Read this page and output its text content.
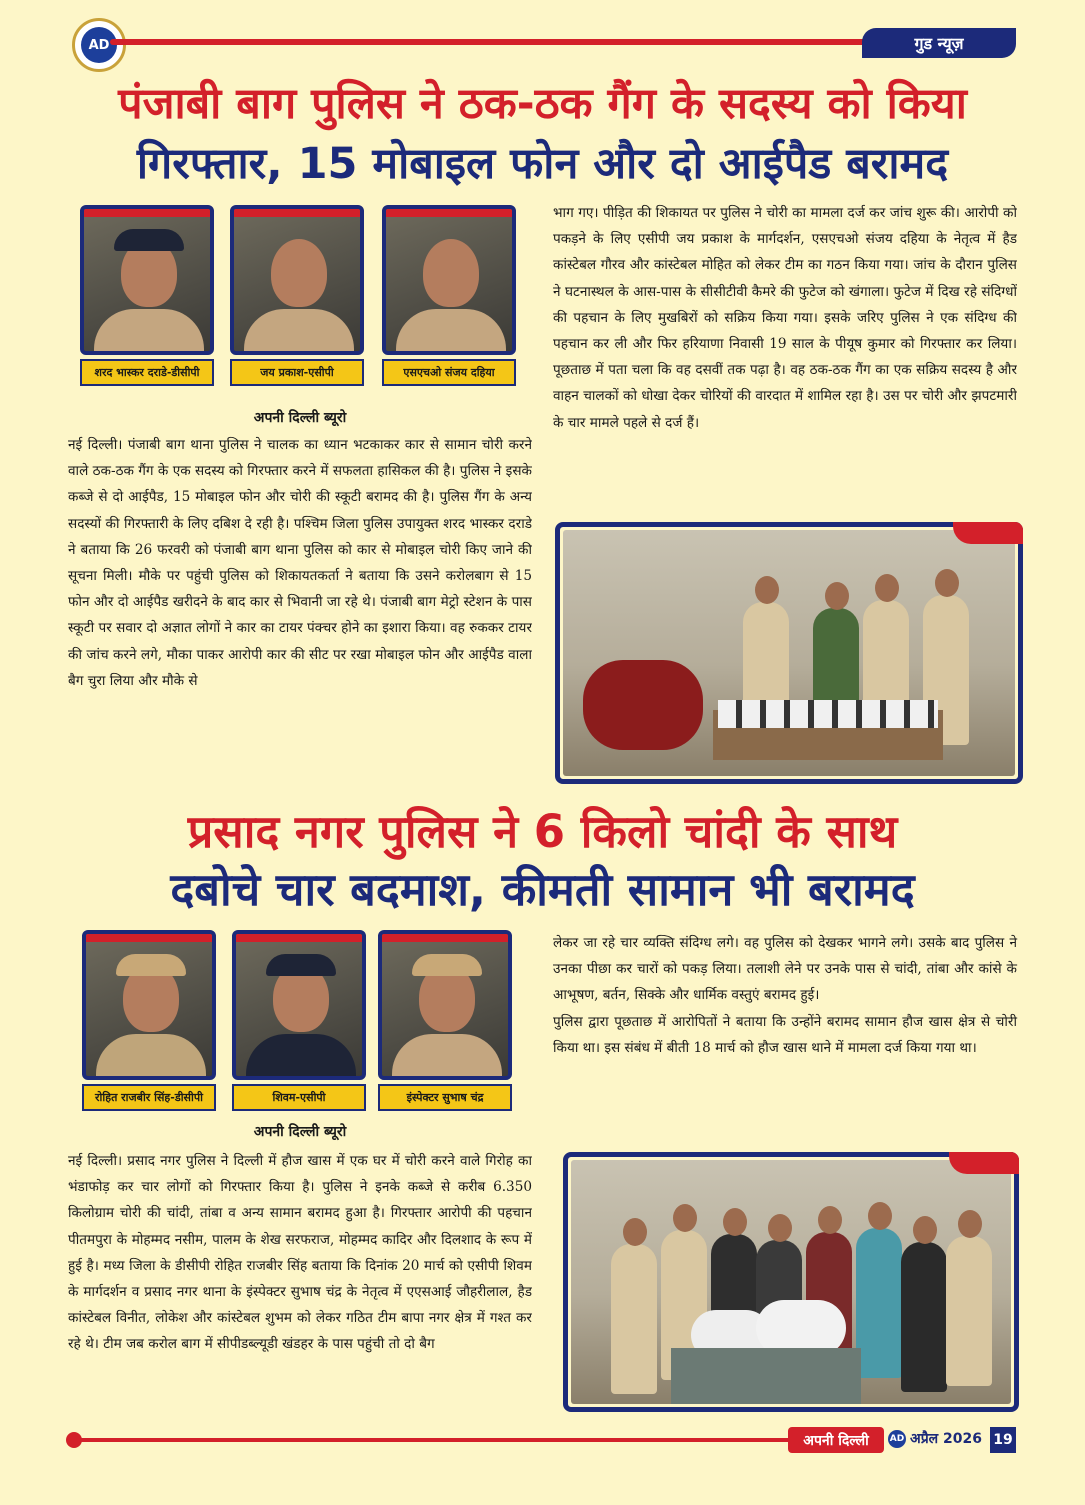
AD	गुड न्यूज़
पंजाबी बाग पुलिस ने ठक-ठक गैंग के सदस्य को किया
गिरफ्तार, 15 मोबाइल फोन और दो आईपैड बरामद
शरद भास्कर दराडे-डीसीपी	जय प्रकाश-एसीपी	एसएचओ संजय दहिया
अपनी दिल्ली ब्यूरो
नई दिल्ली। पंजाबी बाग थाना पुलिस ने चालक का ध्यान भटकाकर कार से सामान चोरी करने वाले ठक-ठक गैंग के एक सदस्य को गिरफ्तार करने में सफलता हासिकल की है। पुलिस ने इसके कब्जे से दो आईपैड, 15 मोबाइल फोन और चोरी की स्कूटी बरामद की है। पुलिस गैंग के अन्य सदस्यों की गिरफ्तारी के लिए दबिश दे रही है। पश्चिम जिला पुलिस उपायुक्त शरद भास्कर दराडे ने बताया कि 26 फरवरी को पंजाबी बाग थाना पुलिस को कार से मोबाइल चोरी किए जाने की सूचना मिली। मौके पर पहुंची पुलिस को शिकायतकर्ता ने बताया कि उसने करोलबाग से 15 फोन और दो आईपैड खरीदने के बाद कार से भिवानी जा रहे थे। पंजाबी बाग मेट्रो स्टेशन के पास स्कूटी पर सवार दो अज्ञात लोगों ने कार का टायर पंक्चर होने का इशारा किया। वह रुककर टायर की जांच करने लगे, मौका पाकर आरोपी कार की सीट पर रखा मोबाइल फोन और आईपैड वाला बैग चुरा लिया और मौके से
भाग गए। पीड़ित की शिकायत पर पुलिस ने चोरी का मामला दर्ज कर जांच शुरू की। आरोपी को पकड़ने के लिए एसीपी जय प्रकाश के मार्गदर्शन, एसएचओ संजय दहिया के नेतृत्व में हैड कांस्टेबल गौरव और कांस्टेबल मोहित को लेकर टीम का गठन किया गया। जांच के दौरान पुलिस ने घटनास्थल के आस-पास के सीसीटीवी कैमरे की फुटेज को खंगाला। फुटेज में दिख रहे संदिग्धों की पहचान के लिए मुखबिरों को सक्रिय किया गया। इसके जरिए पुलिस ने एक संदिग्ध की पहचान कर ली और फिर हरियाणा निवासी 19 साल के पीयूष कुमार को गिरफ्तार कर लिया। पूछताछ में पता चला कि वह दसवीं तक पढ़ा है। वह ठक-ठक गैंग का एक सक्रिय सदस्य है और वाहन चालकों को धोखा देकर चोरियों की वारदात में शामिल रहा है। उस पर चोरी और झपटमारी के चार मामले पहले से दर्ज हैं।
प्रसाद नगर पुलिस ने 6 किलो चांदी के साथ
दबोचे चार बदमाश, कीमती सामान भी बरामद
रोहित राजबीर सिंह-डीसीपी	शिवम-एसीपी	इंस्पेक्टर सुभाष चंद्र
अपनी दिल्ली ब्यूरो
नई दिल्ली। प्रसाद नगर पुलिस ने दिल्ली में हौज खास में एक घर में चोरी करने वाले गिरोह का भंडाफोड़ कर चार लोगों को गिरफ्तार किया है। पुलिस ने इनके कब्जे से करीब 6.350 किलोग्राम चोरी की चांदी, तांबा व अन्य सामान बरामद हुआ है। गिरफ्तार आरोपी की पहचान पीतमपुरा के मोहम्मद नसीम, पालम के शेख सरफराज, मोहम्मद कादिर और दिलशाद के रूप में हुई है। मध्य जिला के डीसीपी रोहित राजबीर सिंह बताया कि दिनांक 20 मार्च को एसीपी शिवम के मार्गदर्शन व प्रसाद नगर थाना के इंस्पेक्टर सुभाष चंद्र के नेतृत्व में एएसआई जौहरीलाल, हैड कांस्टेबल विनीत, लोकेश और कांस्टेबल शुभम को लेकर गठित टीम बापा नगर क्षेत्र में गश्त कर रहे थे। टीम जब करोल बाग में सीपीडब्ल्यूडी खंडहर के पास पहुंची तो दो बैग

लेकर जा रहे चार व्यक्ति संदिग्ध लगे। वह पुलिस को देखकर भागने लगे। उसके बाद पुलिस ने उनका पीछा कर चारों को पकड़ लिया। तलाशी लेने पर उनके पास से चांदी, तांबा और कांसे के आभूषण, बर्तन, सिक्के और धार्मिक वस्तुएं बरामद हुई।

पुलिस द्वारा पूछताछ में आरोपितों ने बताया कि उन्होंने बरामद सामान हौज खास क्षेत्र से चोरी किया था। इस संबंध में बीती 18 मार्च को हौज खास थाने में मामला दर्ज किया गया था।

अपनी दिल्ली	AD अप्रैल 2026 19
